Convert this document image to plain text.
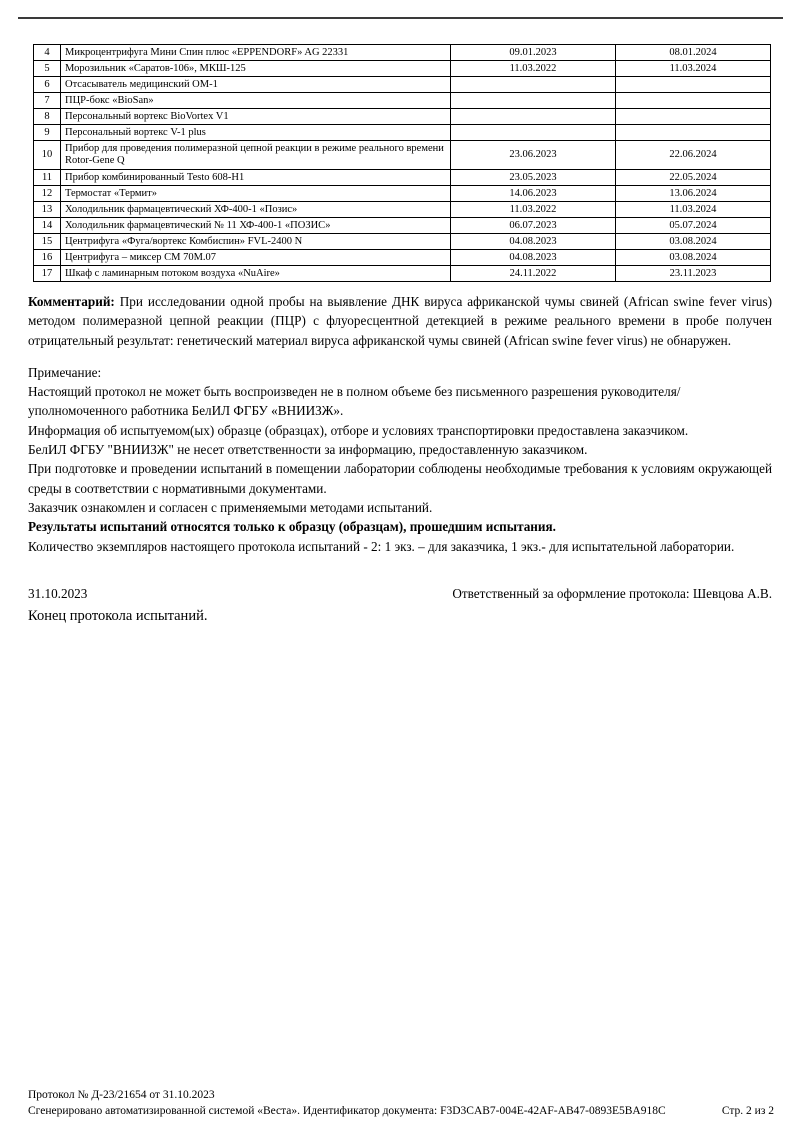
4	Микроцентрифуга Мини Спин плюс «EPPENDORF» AG 22331	09.01.2023	08.01.2024
5	Морозильник «Саратов-106», МКШ-125	11.03.2022	11.03.2024
6	Отсасыватель медицинский ОМ-1		
7	ПЦР-бокс «BioSan»		
8	Персональный вортекс BioVortex V1		
9	Персональный вортекс V-1 plus		
10	Прибор для проведения полимеразной цепной реакции в режиме реального времени Rotor-Gene Q	23.06.2023	22.06.2024
11	Прибор комбинированный Testo 608-H1	23.05.2023	22.05.2024
12	Термостат «Термит»	14.06.2023	13.06.2024
13	Холодильник фармацевтический ХФ-400-1 «Позис»	11.03.2022	11.03.2024
14	Холодильник фармацевтический № 11 ХФ-400-1 «ПОЗИС»	06.07.2023	05.07.2024
15	Центрифуга «Фуга/вортекс Комбиспин» FVL-2400 N	04.08.2023	03.08.2024
16	Центрифуга – миксер СМ 70М.07	04.08.2023	03.08.2024
17	Шкаф с ламинарным потоком воздуха «NuAire»	24.11.2022	23.11.2023

Комментарий: При исследовании одной пробы на выявление ДНК вируса африканской чумы свиней (African swine fever virus) методом полимеразной цепной реакции (ПЦР) с флуоресцентной детекцией в режиме реального времени в пробе получен отрицательный результат: генетический материал вируса африканской чумы свиней (African swine fever virus) не обнаружен.

Примечание:

Настоящий протокол не может быть воспроизведен не в полном объеме без письменного разрешения руководителя/уполномоченного работника БелИЛ ФГБУ «ВНИИЗЖ».

Информация об испытуемом(ых) образце (образцах), отборе и условиях транспортировки предоставлена заказчиком.

БелИЛ ФГБУ "ВНИИЗЖ" не несет ответственности за информацию, предоставленную заказчиком.

При подготовке и проведении испытаний в помещении лаборатории соблюдены необходимые требования к условиям окружающей среды в соответствии с нормативными документами.

Заказчик ознакомлен и согласен с применяемыми методами испытаний.

Результаты испытаний относятся только к образцу (образцам), прошедшим испытания.

Количество экземпляров настоящего протокола испытаний - 2: 1 экз. – для заказчика, 1 экз.- для испытательной лаборатории.

31.10.2023	Ответственный за оформление протокола: Шевцова А.В.
Конец протокола испытаний.
Протокол № Д-23/21654 от 31.10.2023
Сгенерировано автоматизированной системой «Веста». Идентификатор документа: F3D3CAB7-004E-42AF-AB47-0893E5BA918C	Стр. 2 из 2
